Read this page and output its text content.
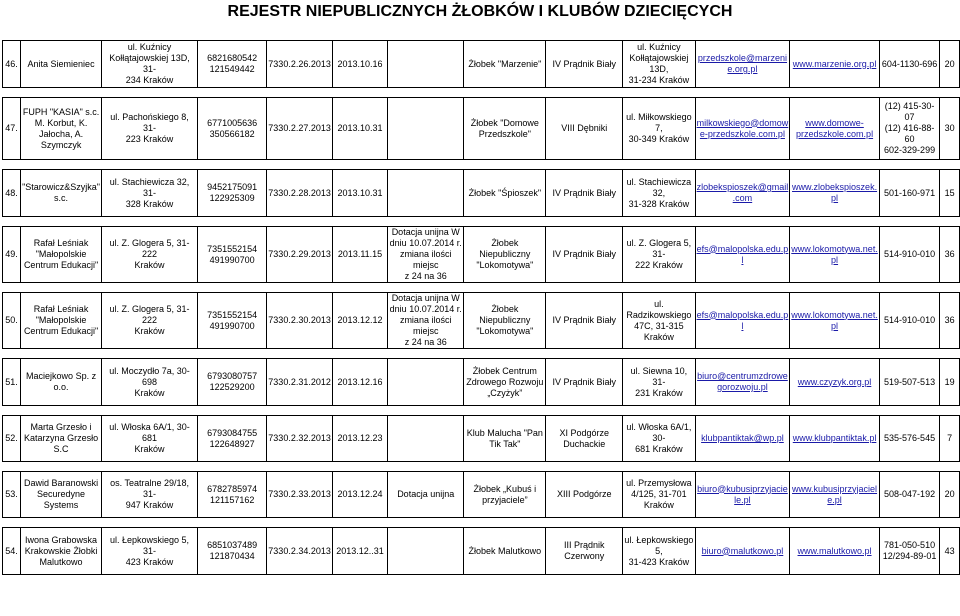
REJESTR NIEPUBLICZNYCH ŻŁOBKÓW I KLUBÓW DZIECIĘCYCH
46.	Anita Siemieniec	ul. Kuźnicy
Kołłątajowskiej 13D, 31-
234 Kraków	6821680542
121549442	7330.2.26.2013	2013.10.16		Żłobek "Marzenie"	IV Prądnik Biały	ul. Kuźnicy
Kołłątajowskiej 13D,
31-234 Kraków	przedszkole@marzeni
e.org.pl	www.marzenie.org.pl	604-1130-696	20

47.	FUPH "KASIA" s.c.
M. Korbut, K.
Jałocha, A.
Szymczyk	ul. Pachońskiego 8, 31-
223 Kraków	6771005636
350566182	7330.2.27.2013	2013.10.31		Żłobek "Domowe
Przedszkole"	VIII Dębniki	ul. Miłkowskiego 7,
30-349 Kraków	milkowskiego@domow
e-przedszkole.com.pl	www.domowe-
przedszkole.com.pl	(12) 415-30-07
(12) 416-88-60
602-329-299	30

48.	"Starowicz&Szyjka"
s.c.	ul. Stachiewicza 32, 31-
328 Kraków	9452175091
122925309	7330.2.28.2013	2013.10.31		Żłobek "Śpioszek"	IV Prądnik Biały	ul. Stachiewicza 32,
31-328 Kraków	zlobekspioszek@gmail
.com	www.zlobekspioszek.
pl	501-160-971	15

49.	Rafał Leśniak
"Małopolskie
Centrum Edukacji"	ul. Z. Glogera 5, 31-222
Kraków	7351552154
491990700	7330.2.29.2013	2013.11.15	Dotacja unijna W
dniu 10.07.2014 r.
zmiana ilości miejsc
z 24 na 36	Żłobek
Niepubliczny
"Lokomotywa"	IV Prądnik Biały	ul. Z. Glogera 5, 31-
222 Kraków	efs@malopolska.edu.p
l	www.lokomotywa.net.
pl	514-910-010	36

50.	Rafał Leśniak
"Małopolskie
Centrum Edukacji"	ul. Z. Glogera 5, 31-222
Kraków	7351552154
491990700	7330.2.30.2013	2013.12.12	Dotacja unijna W
dniu 10.07.2014 r.
zmiana ilości miejsc
z 24 na 36	Żłobek
Niepubliczny
"Lokomotywa"	IV Prądnik Biały	ul. Radzikowskiego
47C, 31-315
Kraków	efs@malopolska.edu.p
l	www.lokomotywa.net.
pl	514-910-010	36

51.	Maciejkowo Sp. z
o.o.	ul. Moczydło 7a, 30-698
Kraków	6793080757
122529200	7330.2.31.2012	2013.12.16		Żłobek Centrum
Zdrowego Rozwoju
„Czyżyk”	IV Prądnik Biały	ul. Siewna 10, 31-
231 Kraków	biuro@centrumzdrowe
gorozwoju.pl	www.czyzyk.org.pl	519-507-513	19

52.	Marta Grzesło i
Katarzyna Grzesło
S.C	ul. Włoska 6A/1, 30-681
Kraków	6793084755
122648927	7330.2.32.2013	2013.12.23		Klub Malucha "Pan
Tik Tak"	XI Podgórze
Duchackie	ul. Włoska 6A/1, 30-
681 Kraków	klubpantiktak@wp.pl	www.klubpantiktak.pl	535-576-545	7

53.	Dawid Baranowski
Securedyne Systems	os. Teatralne 29/18, 31-
947 Kraków	6782785974
121157162	7330.2.33.2013	2013.12.24	Dotacja unijna	Żłobek „Kubuś i
przyjaciele”	XIII Podgórze	ul. Przemysłowa
4/125, 31-701
Kraków	biuro@kubusiprzyjacie
le.pl	www.kubusiprzyjaciel
e.pl	508-047-192	20

54.	Iwona Grabowska
Krakowskie Żłobki
Malutkowo	ul. Łepkowskiego 5, 31-
423 Kraków	6851037489
121870434	7330.2.34.2013	2013.12..31		Żłobek Malutkowo	III Prądnik
Czerwony	ul. Łepkowskiego 5,
31-423 Kraków	biuro@malutkowo.pl	www.malutkowo.pl	781-050-510
12/294-89-01	43
